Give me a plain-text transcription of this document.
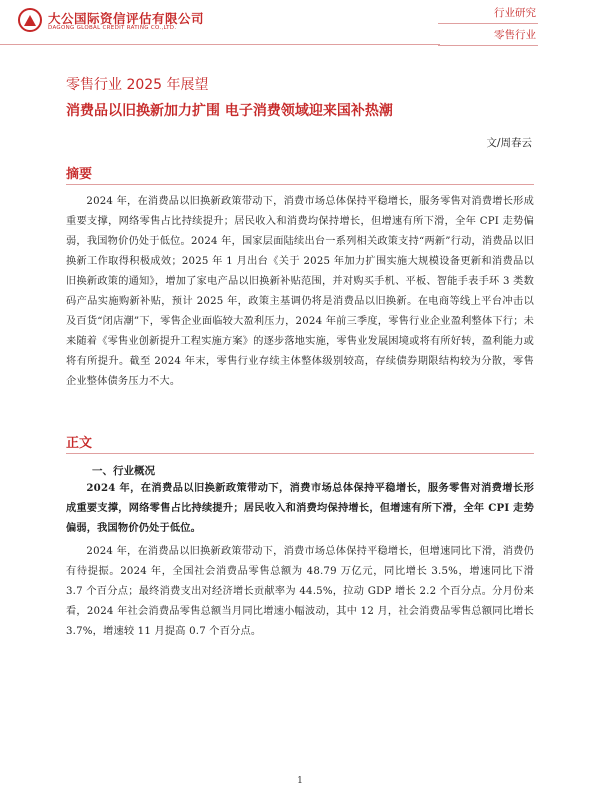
大公国际资信评估有限公司
DAGONG GLOBAL CREDIT RATING CO.,LTD.
行业研究
零售行业
零售行业 2025 年展望
消费品以旧换新加力扩围 电子消费领域迎来国补热潮
文/周春云
摘要

2024 年，在消费品以旧换新政策带动下，消费市场总体保持平稳增长，服务零售对消费增长形成重要支撑，网络零售占比持续提升；居民收入和消费均保持增长，但增速有所下滑，全年 CPI 走势偏弱，我国物价仍处于低位。2024 年，国家层面陆续出台一系列相关政策支持“两新”行动，消费品以旧换新工作取得积极成效；2025 年 1 月出台《关于 2025 年加力扩围实施大规模设备更新和消费品以旧换新政策的通知》，增加了家电产品以旧换新补贴范围，并对购买手机、平板、智能手表手环 3 类数码产品实施购新补贴，预计 2025 年，政策主基调仍将是消费品以旧换新。在电商等线上平台冲击以及百货“闭店潮”下，零售企业面临较大盈利压力，2024 年前三季度，零售行业企业盈利整体下行；未来随着《零售业创新提升工程实施方案》的逐步落地实施，零售业发展困境或将有所好转，盈利能力或将有所提升。截至 2024 年末，零售行业存续主体整体级别较高，存续债券期限结构较为分散，零售企业整体债务压力不大。

正文
一、行业概况

2024 年，在消费品以旧换新政策带动下，消费市场总体保持平稳增长，服务零售对消费增长形成重要支撑，网络零售占比持续提升；居民收入和消费均保持增长，但增速有所下滑，全年 CPI 走势偏弱，我国物价仍处于低位。

2024 年，在消费品以旧换新政策带动下，消费市场总体保持平稳增长，但增速同比下滑，消费仍有待提振。2024 年，全国社会消费品零售总额为 48.79 万亿元，同比增长 3.5%，增速同比下滑 3.7 个百分点；最终消费支出对经济增长贡献率为 44.5%，拉动 GDP 增长 2.2 个百分点。分月份来看，2024 年社会消费品零售总额当月同比增速小幅波动，其中 12 月，社会消费品零售总额同比增长 3.7%，增速较 11 月提高 0.7 个百分点。

1
